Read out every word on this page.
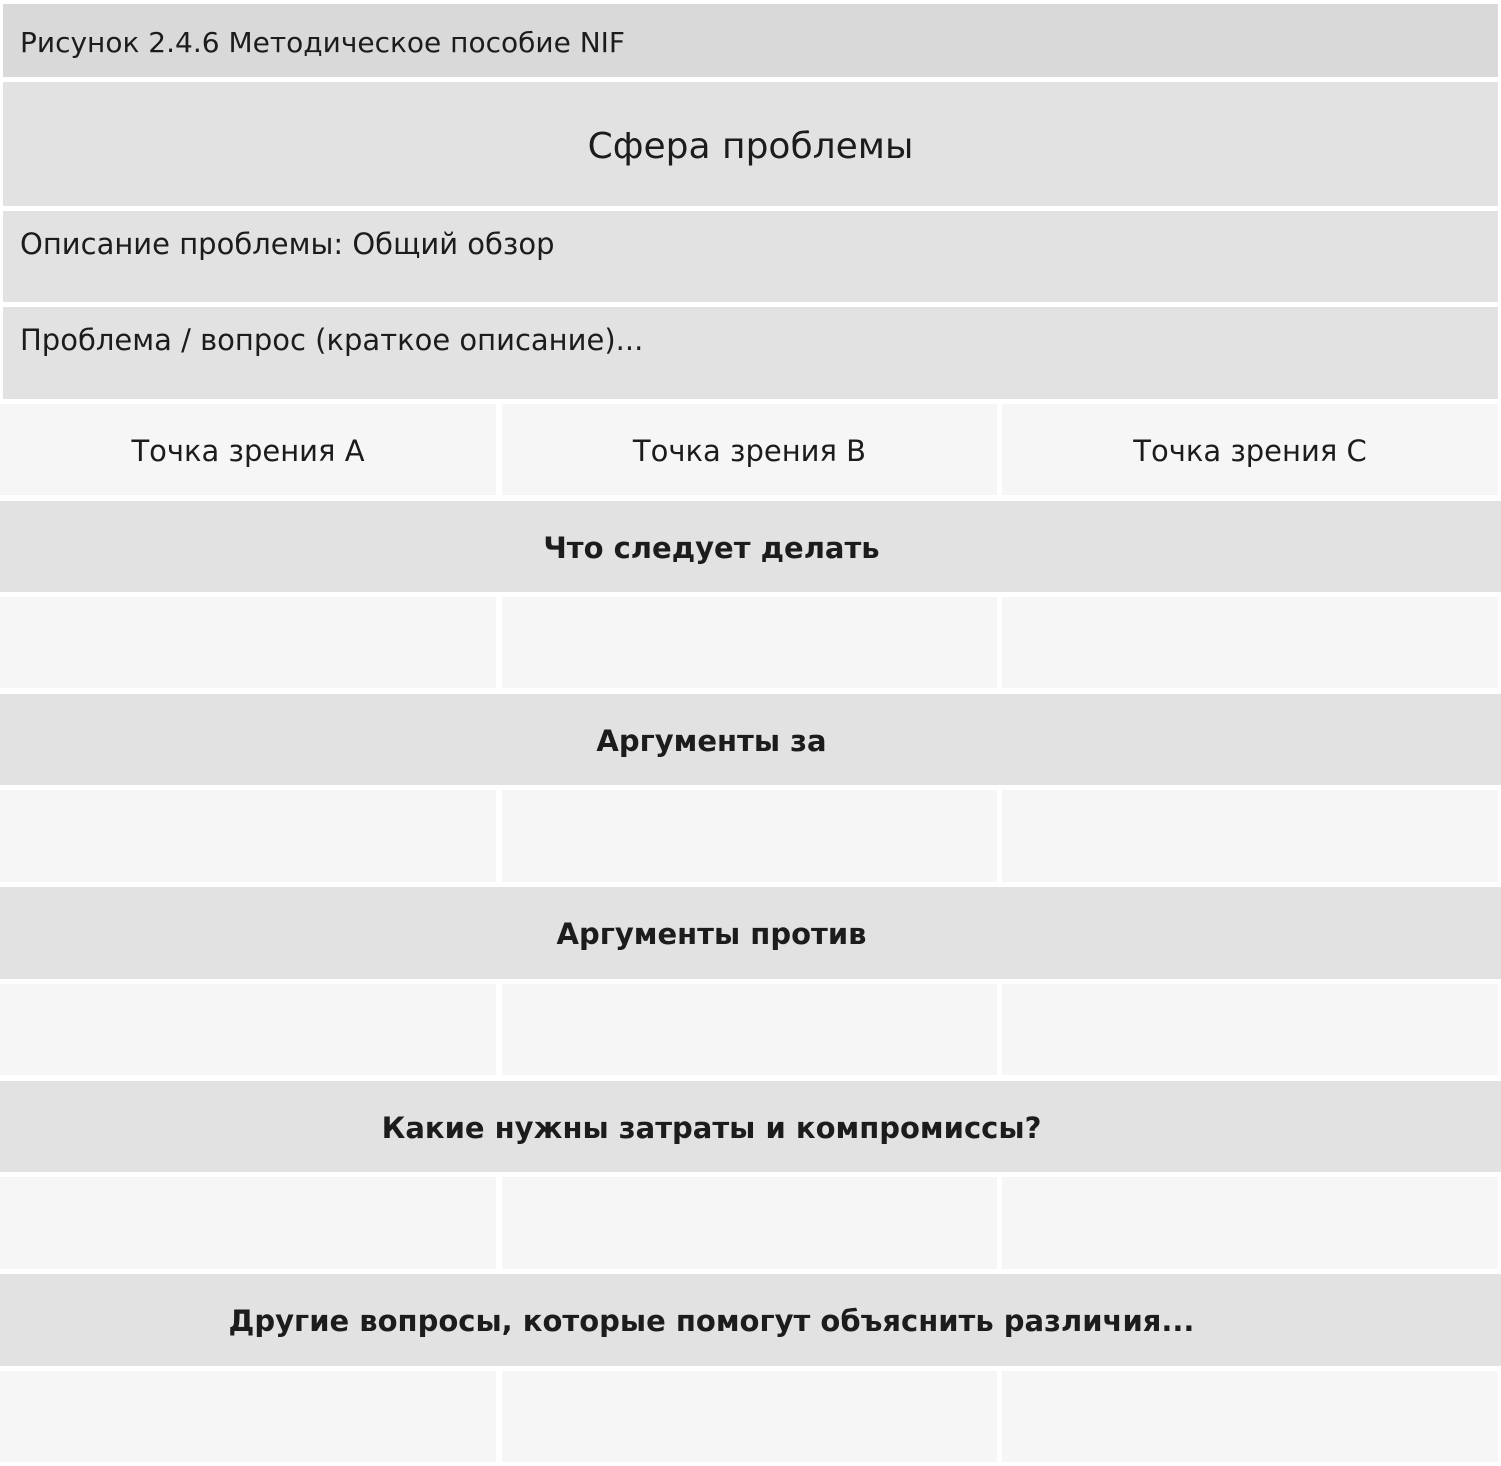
Рисунок 2.4.6 Методическое пособие NIF
Сфера проблемы
Описание проблемы: Общий обзор
Проблема / вопрос (краткое описание)...
Точка зрения A	Точка зрения B	Точка зрения C
Что следует делать
Аргументы за
Аргументы против
Какие нужны затраты и компромиссы?
Другие вопросы, которые помогут объяснить различия...
